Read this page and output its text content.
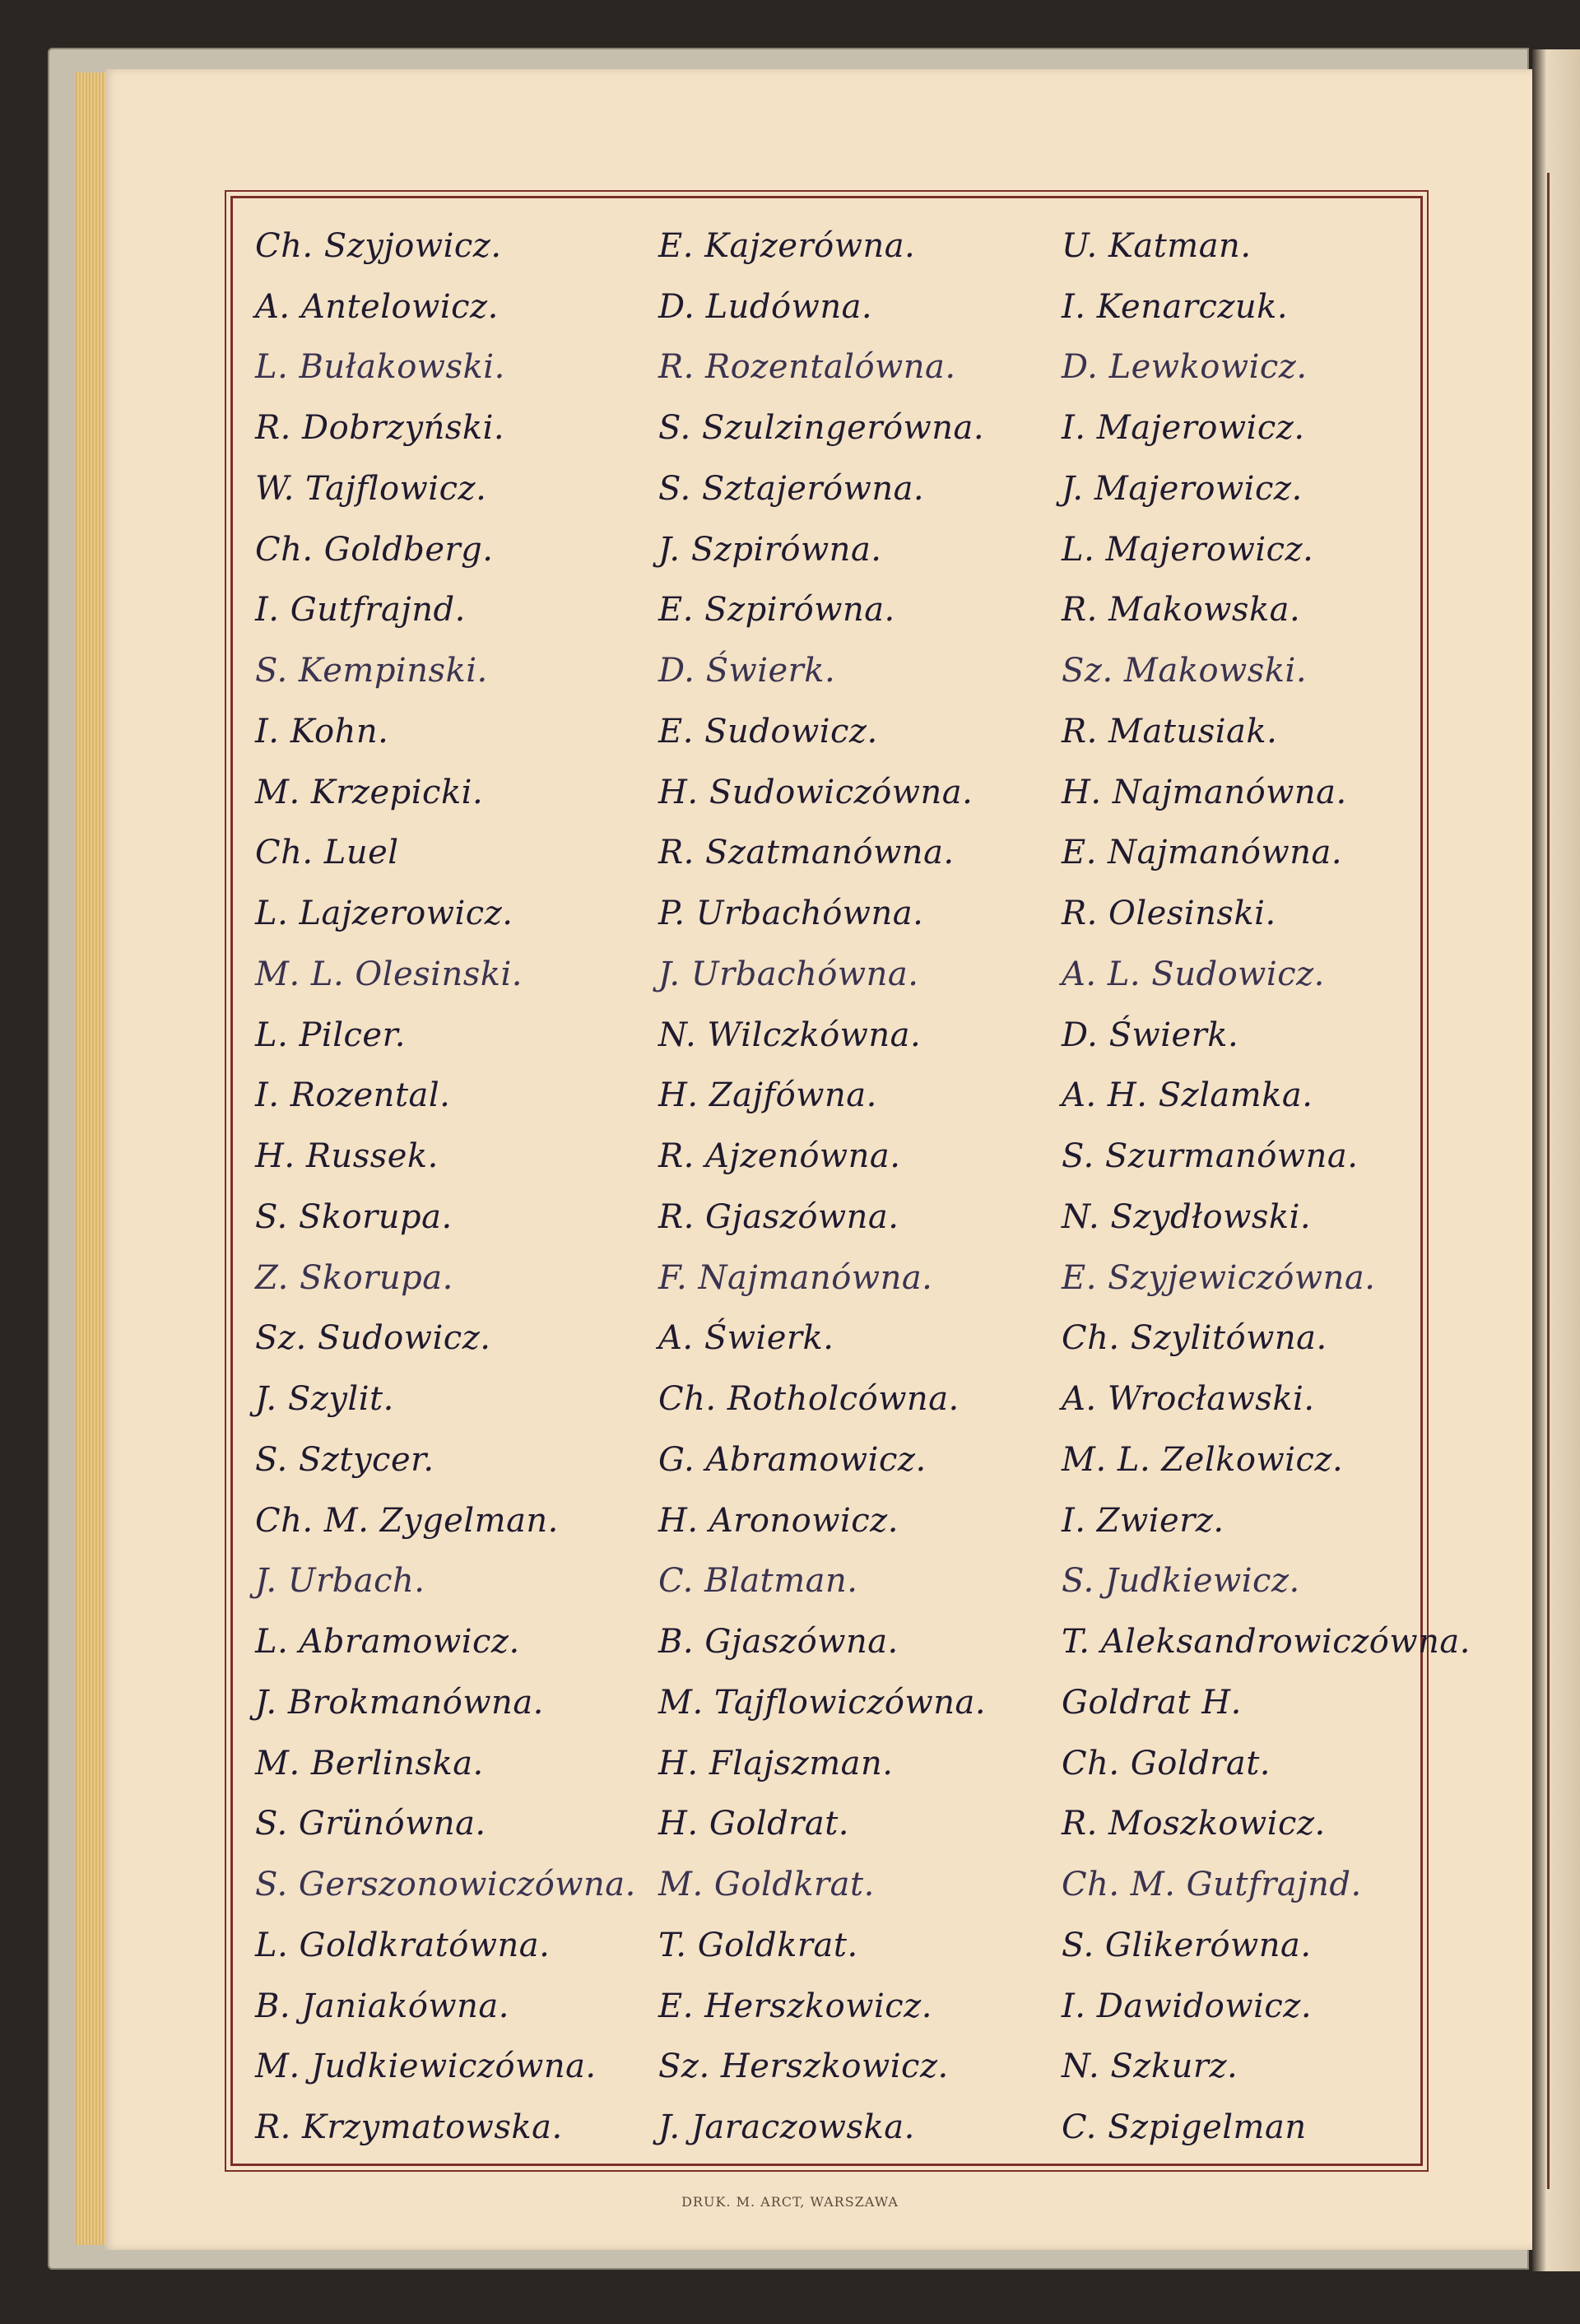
Ch. Szyjowicz.
A. Antelowicz.
L. Bułakowski.
R. Dobrzyński.
W. Tajflowicz.
Ch. Goldberg.
I. Gutfrajnd.
S. Kempinski.
I. Kohn.
M. Krzepicki.
Ch. Luel
L. Lajzerowicz.
M. L. Olesinski.
L. Pilcer.
I. Rozental.
H. Russek.
S. Skorupa.
Z. Skorupa.
Sz. Sudowicz.
J. Szylit.
S. Sztycer.
Ch. M. Zygelman.
J. Urbach.
L. Abramowicz.
J. Brokmanówna.
M. Berlinska.
S. Grünówna.
S. Gerszonowiczówna.
L. Goldkratówna.
B. Janiakówna.
M. Judkiewiczówna.
R. Krzymatowska.
E. Kajzerówna.
D. Ludówna.
R. Rozentalówna.
S. Szulzingerówna.
S. Sztajerówna.
J. Szpirówna.
E. Szpirówna.
D. Świerk.
E. Sudowicz.
H. Sudowiczówna.
R. Szatmanówna.
P. Urbachówna.
J. Urbachówna.
N. Wilczkówna.
H. Zajfówna.
R. Ajzenówna.
R. Gjaszówna.
F. Najmanówna.
A. Świerk.
Ch. Rotholcówna.
G. Abramowicz.
H. Aronowicz.
C. Blatman.
B. Gjaszówna.
M. Tajflowiczówna.
H. Flajszman.
H. Goldrat.
M. Goldkrat.
T. Goldkrat.
E. Herszkowicz.
Sz. Herszkowicz.
J. Jaraczowska.
U. Katman.
I. Kenarczuk.
D. Lewkowicz.
I. Majerowicz.
J. Majerowicz.
L. Majerowicz.
R. Makowska.
Sz. Makowski.
R. Matusiak.
H. Najmanówna.
E. Najmanówna.
R. Olesinski.
A. L. Sudowicz.
D. Świerk.
A. H. Szlamka.
S. Szurmanówna.
N. Szydłowski.
E. Szyjewiczówna.
Ch. Szylitówna.
A. Wrocławski.
M. L. Zelkowicz.
I. Zwierz.
S. Judkiewicz.
T. Aleksandrowiczówna.
Goldrat H.
Ch. Goldrat.
R. Moszkowicz.
Ch. M. Gutfrajnd.
S. Glikerówna.
I. Dawidowicz.
N. Szkurz.
C. Szpigelman
DRUK. M. ARCT, WARSZAWA
